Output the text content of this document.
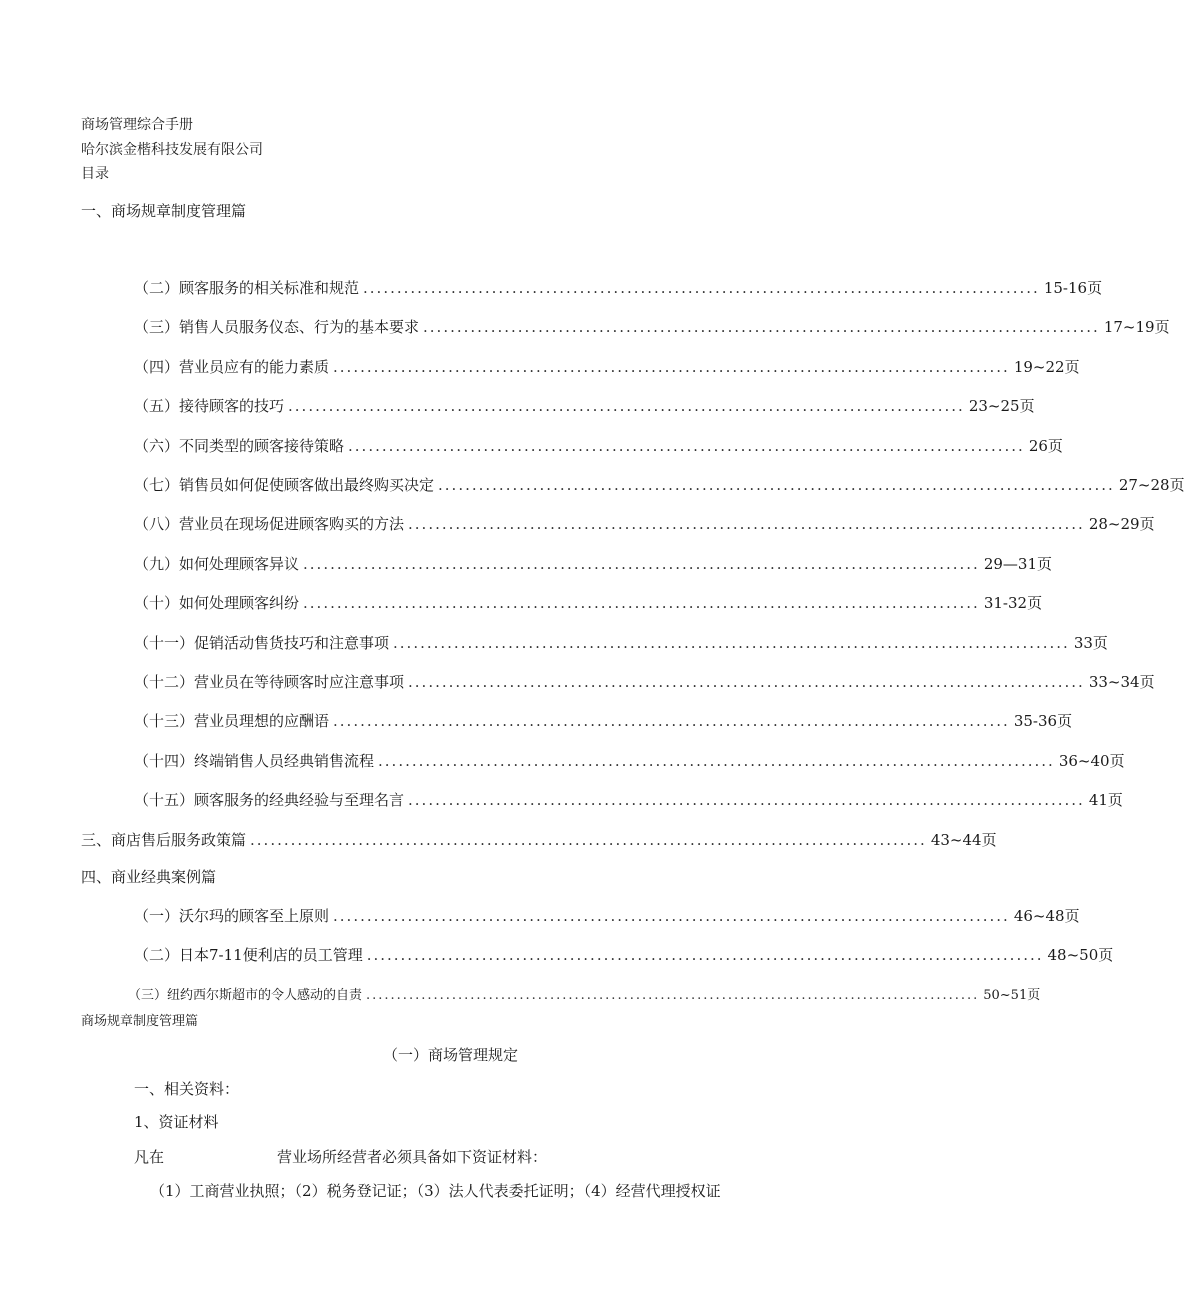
商场管理综合手册
哈尔滨金楷科技发展有限公司
目录
一、商场规章制度管理篇
（二）顾客服务的相关标准和规范 .................................................................................................... 15-16页
（三）销售人员服务仪态、行为的基本要求 .................................................................................................... 17~19页
（四）营业员应有的能力素质 .................................................................................................... 19~22页
（五）接待顾客的技巧 .................................................................................................... 23~25页
（六）不同类型的顾客接待策略 .................................................................................................... 26页
（七）销售员如何促使顾客做出最终购买决定 .................................................................................................... 27~28页
（八）营业员在现场促进顾客购买的方法 .................................................................................................... 28~29页
（九）如何处理顾客异议 .................................................................................................... 29—31页
（十）如何处理顾客纠纷 .................................................................................................... 31-32页
（十一）促销活动售货技巧和注意事项 .................................................................................................... 33页
（十二）营业员在等待顾客时应注意事项 .................................................................................................... 33~34页
（十三）营业员理想的应酬语 .................................................................................................... 35-36页
（十四）终端销售人员经典销售流程 .................................................................................................... 36~40页
（十五）顾客服务的经典经验与至理名言 .................................................................................................... 41页
三、商店售后服务政策篇 .................................................................................................... 43~44页
四、商业经典案例篇
（一）沃尔玛的顾客至上原则 .................................................................................................... 46~48页
（二）日本7-11便利店的员工管理 .................................................................................................... 48~50页
（三）纽约西尔斯超市的令人感动的自责 .................................................................................................... 50~51页
商场规章制度管理篇
（一）商场管理规定
一、相关资料：
1、资证材料
凡在	营业场所经营者必须具备如下资证材料：
（1）工商营业执照；（2）税务登记证；（3）法人代表委托证明；（4）经营代理授权证
